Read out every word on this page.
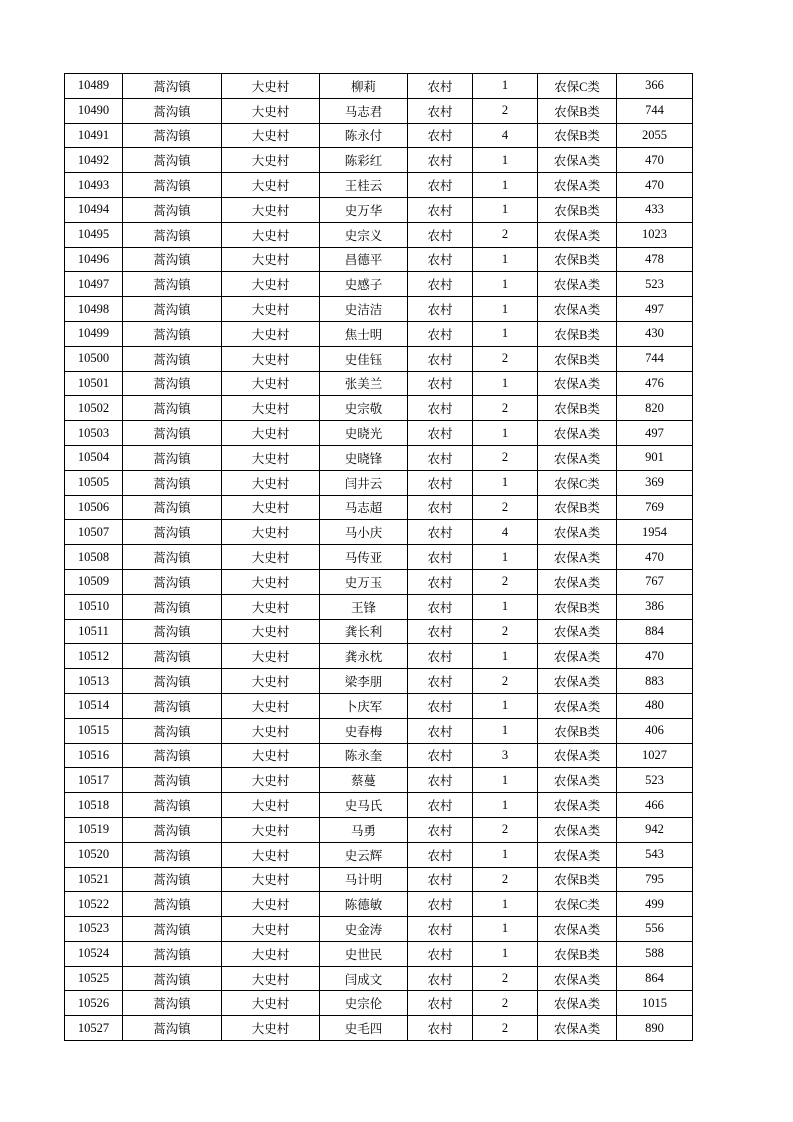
10489	蒿沟镇	大史村	柳莉	农村	1	农保C类	366
10490	蒿沟镇	大史村	马志君	农村	2	农保B类	744
10491	蒿沟镇	大史村	陈永付	农村	4	农保B类	2055
10492	蒿沟镇	大史村	陈彩红	农村	1	农保A类	470
10493	蒿沟镇	大史村	王桂云	农村	1	农保A类	470
10494	蒿沟镇	大史村	史万华	农村	1	农保B类	433
10495	蒿沟镇	大史村	史宗义	农村	2	农保A类	1023
10496	蒿沟镇	大史村	昌德平	农村	1	农保B类	478
10497	蒿沟镇	大史村	史感子	农村	1	农保A类	523
10498	蒿沟镇	大史村	史洁洁	农村	1	农保A类	497
10499	蒿沟镇	大史村	焦士明	农村	1	农保B类	430
10500	蒿沟镇	大史村	史佳钰	农村	2	农保B类	744
10501	蒿沟镇	大史村	张美兰	农村	1	农保A类	476
10502	蒿沟镇	大史村	史宗敬	农村	2	农保B类	820
10503	蒿沟镇	大史村	史晓光	农村	1	农保A类	497
10504	蒿沟镇	大史村	史晓锋	农村	2	农保A类	901
10505	蒿沟镇	大史村	闫井云	农村	1	农保C类	369
10506	蒿沟镇	大史村	马志超	农村	2	农保B类	769
10507	蒿沟镇	大史村	马小庆	农村	4	农保A类	1954
10508	蒿沟镇	大史村	马传亚	农村	1	农保A类	470
10509	蒿沟镇	大史村	史万玉	农村	2	农保A类	767
10510	蒿沟镇	大史村	王锋	农村	1	农保B类	386
10511	蒿沟镇	大史村	龚长利	农村	2	农保A类	884
10512	蒿沟镇	大史村	龚永枕	农村	1	农保A类	470
10513	蒿沟镇	大史村	梁李朋	农村	2	农保A类	883
10514	蒿沟镇	大史村	卜庆军	农村	1	农保A类	480
10515	蒿沟镇	大史村	史春梅	农村	1	农保B类	406
10516	蒿沟镇	大史村	陈永奎	农村	3	农保A类	1027
10517	蒿沟镇	大史村	蔡蔓	农村	1	农保A类	523
10518	蒿沟镇	大史村	史马氏	农村	1	农保A类	466
10519	蒿沟镇	大史村	马勇	农村	2	农保A类	942
10520	蒿沟镇	大史村	史云辉	农村	1	农保A类	543
10521	蒿沟镇	大史村	马计明	农村	2	农保B类	795
10522	蒿沟镇	大史村	陈德敏	农村	1	农保C类	499
10523	蒿沟镇	大史村	史金涛	农村	1	农保A类	556
10524	蒿沟镇	大史村	史世民	农村	1	农保B类	588
10525	蒿沟镇	大史村	闫成文	农村	2	农保A类	864
10526	蒿沟镇	大史村	史宗伦	农村	2	农保A类	1015
10527	蒿沟镇	大史村	史毛四	农村	2	农保A类	890
